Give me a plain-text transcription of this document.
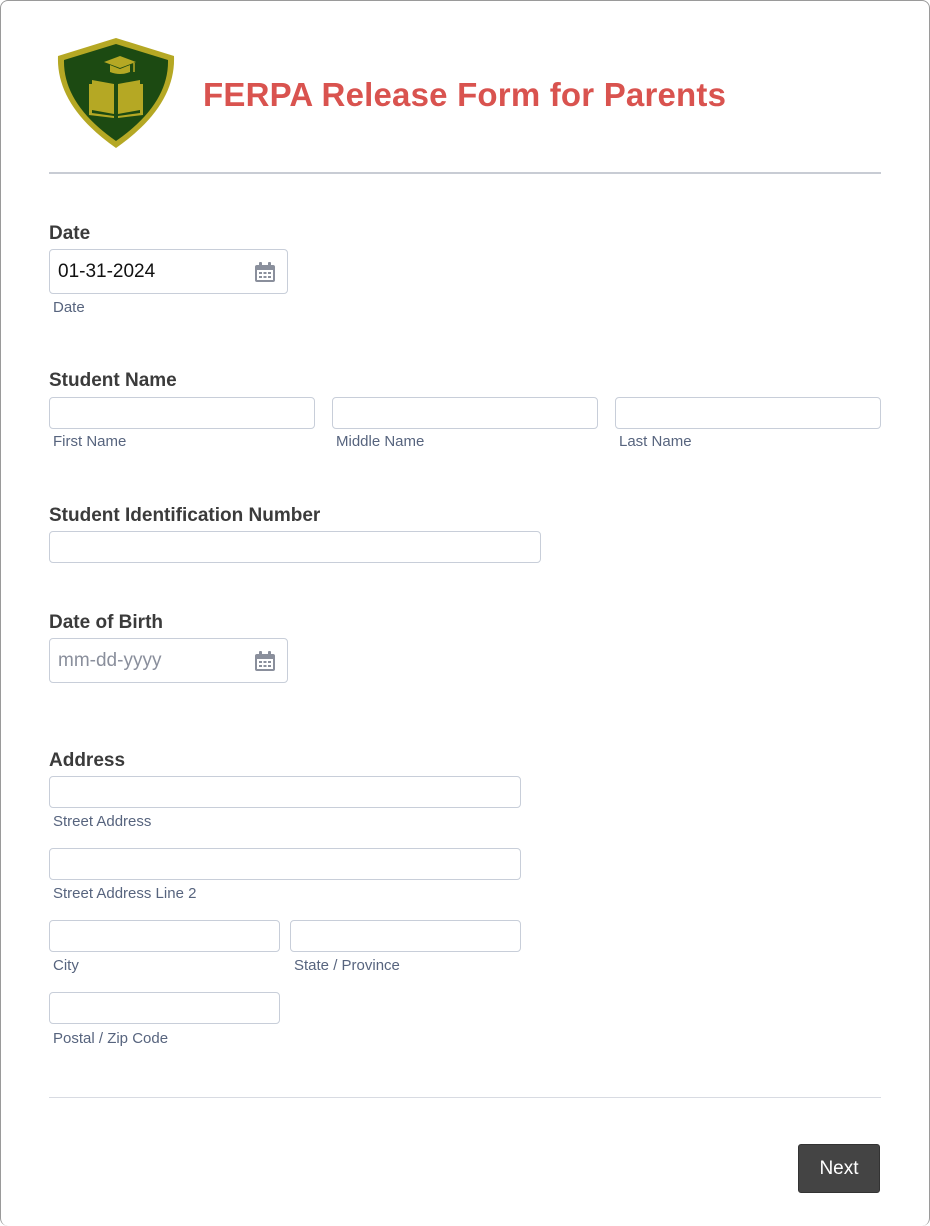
FERPA Release Form for Parents
Date
01-31-2024
Date
Student Name
First Name	Middle Name	Last Name
Student Identification Number
Date of Birth
mm-dd-yyyy
Address
Street Address
Street Address Line 2
City	State / Province
Postal / Zip Code
Next
